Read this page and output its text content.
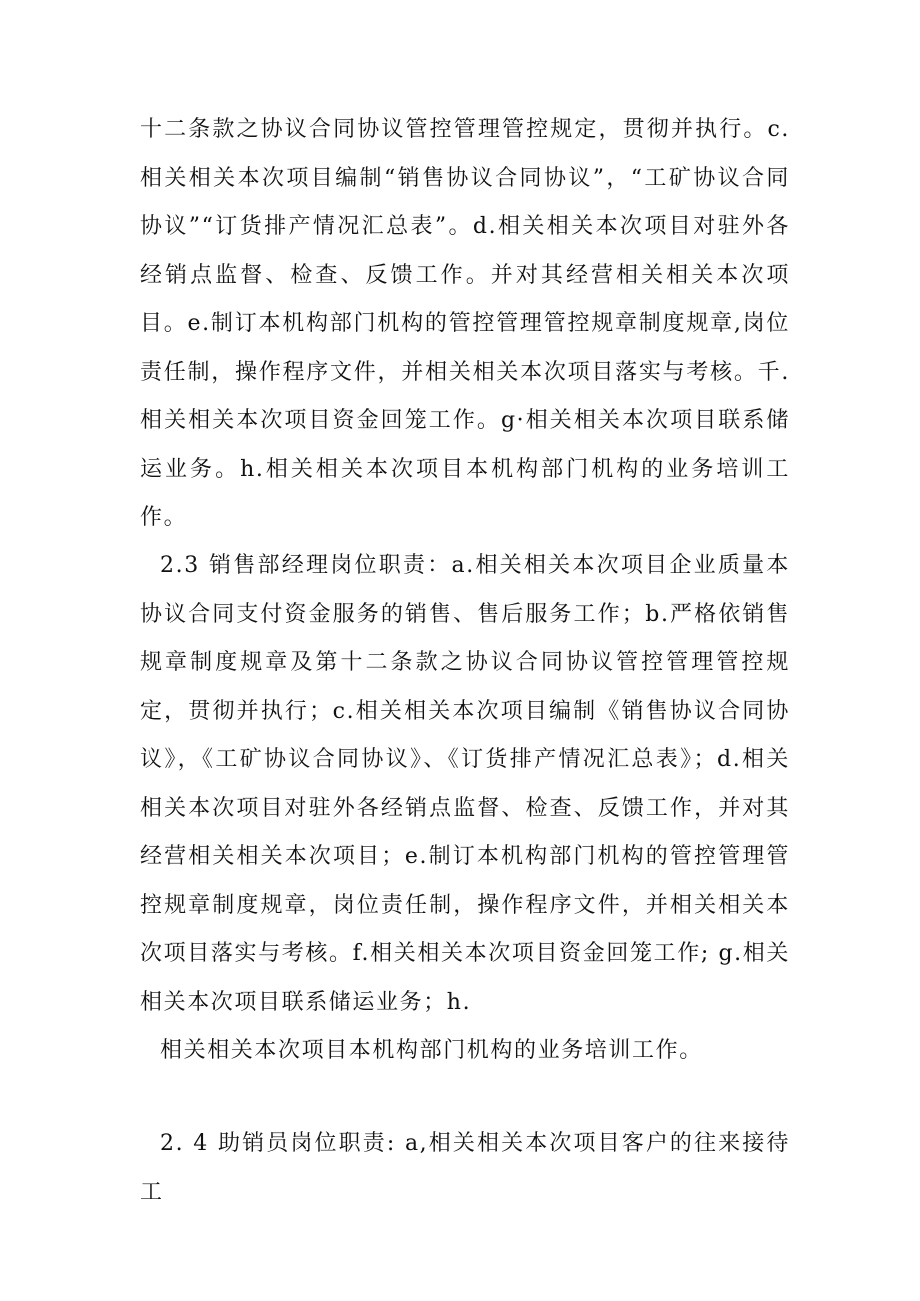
十二条款之协议合同协议管控管理管控规定，贯彻并执行。c.相关相关本次项目编制“销售协议合同协议”，“工矿协议合同协议”“订货排产情况汇总表”。d.相关相关本次项目对驻外各经销点监督、检查、反馈工作。并对其经营相关相关本次项目。e.制订本机构部门机构的管控管理管控规章制度规章,岗位责任制，操作程序文件，并相关相关本次项目落实与考核。千.相关相关本次项目资金回笼工作。g·相关相关本次项目联系储运业务。h.相关相关本次项目本机构部门机构的业务培训工作。

2.3 销售部经理岗位职责：a.相关相关本次项目企业质量本协议合同支付资金服务的销售、售后服务工作；b.严格依销售规章制度规章及第十二条款之协议合同协议管控管理管控规定，贯彻并执行；c.相关相关本次项目编制《销售协议合同协议》，《工矿协议合同协议》、《订货排产情况汇总表》；d.相关相关本次项目对驻外各经销点监督、检查、反馈工作，并对其经营相关相关本次项目；e.制订本机构部门机构的管控管理管控规章制度规章，岗位责任制，操作程序文件，并相关相关本次项目落实与考核。f.相关相关本次项目资金回笼工作; g.相关相关本次项目联系储运业务；h.
相关相关本次项目本机构部门机构的业务培训工作。

2. 4 助销员岗位职责: a,相关相关本次项目客户的往来接待工
